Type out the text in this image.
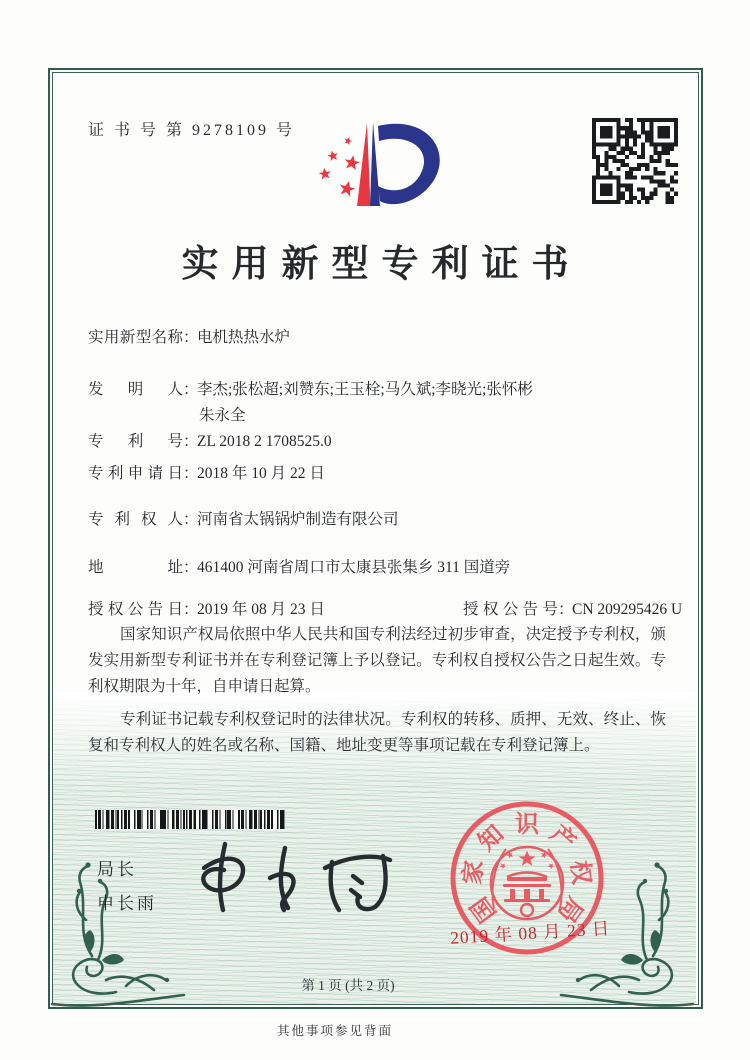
证 书 号 第 9278109 号
实用新型专利证书
实用新型名称：电机热热水炉
发明人：李杰;张松超;刘赞东;王玉栓;马久斌;李晓光;张怀彬
朱永全
专利号：ZL 2018 2 1708525.0
专利申请日：2018 年 10 月 22 日
专利权人：河南省太锅锅炉制造有限公司
地址：461400 河南省周口市太康县张集乡 311 国道旁
授权公告日：2019 年 08 月 23 日	授权公告号：CN 209295426 U

国家知识产权局依照中华人民共和国专利法经过初步审查，决定授予专利权，颁发实用新型专利证书并在专利登记簿上予以登记。专利权自授权公告之日起生效。专利权期限为十年，自申请日起算。

专利证书记载专利权登记时的法律状况。专利权的转移、质押、无效、终止、恢复和专利权人的姓名或名称、国籍、地址变更等事项记载在专利登记簿上。

局长
申长雨	国
家
知 识 产
权
局
2019 年 08 月 23 日
第 1 页 (共 2 页)
其他事项参见背面
